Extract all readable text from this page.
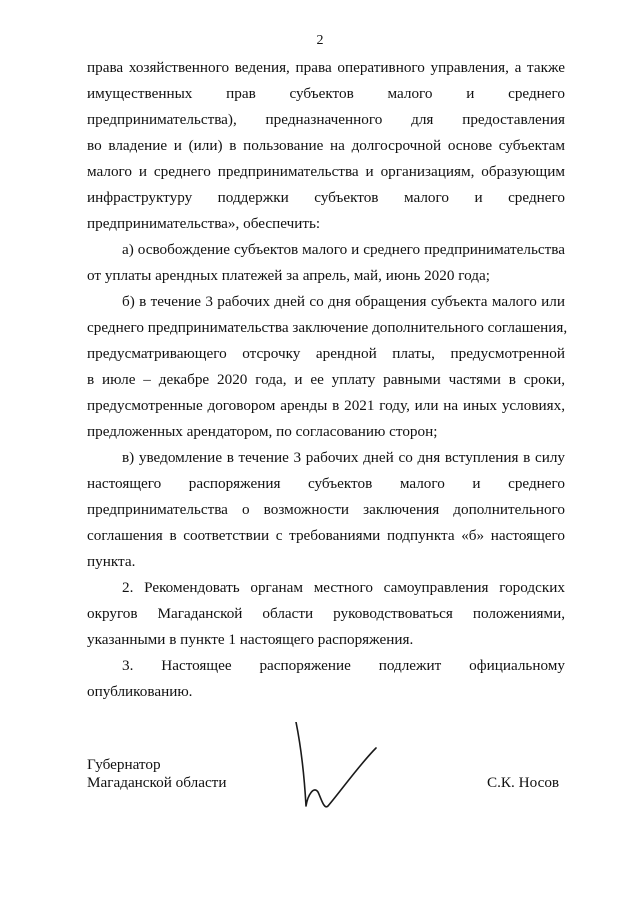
2
права хозяйственного ведения, права оперативного управления, а также
имущественных прав субъектов малого и среднего
предпринимательства), предназначенного для предоставления
во владение и (или) в пользование на долгосрочной основе субъектам
малого и среднего предпринимательства и организациям, образующим
инфраструктуру поддержки субъектов малого и среднего
предпринимательства», обеспечить:
а) освобождение субъектов малого и среднего предпринимательства
от уплаты арендных платежей за апрель, май, июнь 2020 года;
б) в течение 3 рабочих дней со дня обращения субъекта малого или
среднего предпринимательства заключение дополнительного соглашения,
предусматривающего отсрочку арендной платы, предусмотренной
в июле – декабре 2020 года, и ее уплату равными частями в сроки,
предусмотренные договором аренды в 2021 году, или на иных условиях,
предложенных арендатором, по согласованию сторон;
в) уведомление в течение 3 рабочих дней со дня вступления в силу
настоящего распоряжения субъектов малого и среднего
предпринимательства о возможности заключения дополнительного
соглашения в соответствии с требованиями подпункта «б» настоящего
пункта.
2. Рекомендовать органам местного самоуправления городских
округов Магаданской области руководствоваться положениями,
указанными в пункте 1 настоящего распоряжения.
3. Настоящее распоряжение подлежит официальному
опубликованию.
Губернатор
Магаданской области	С.К. Носов
